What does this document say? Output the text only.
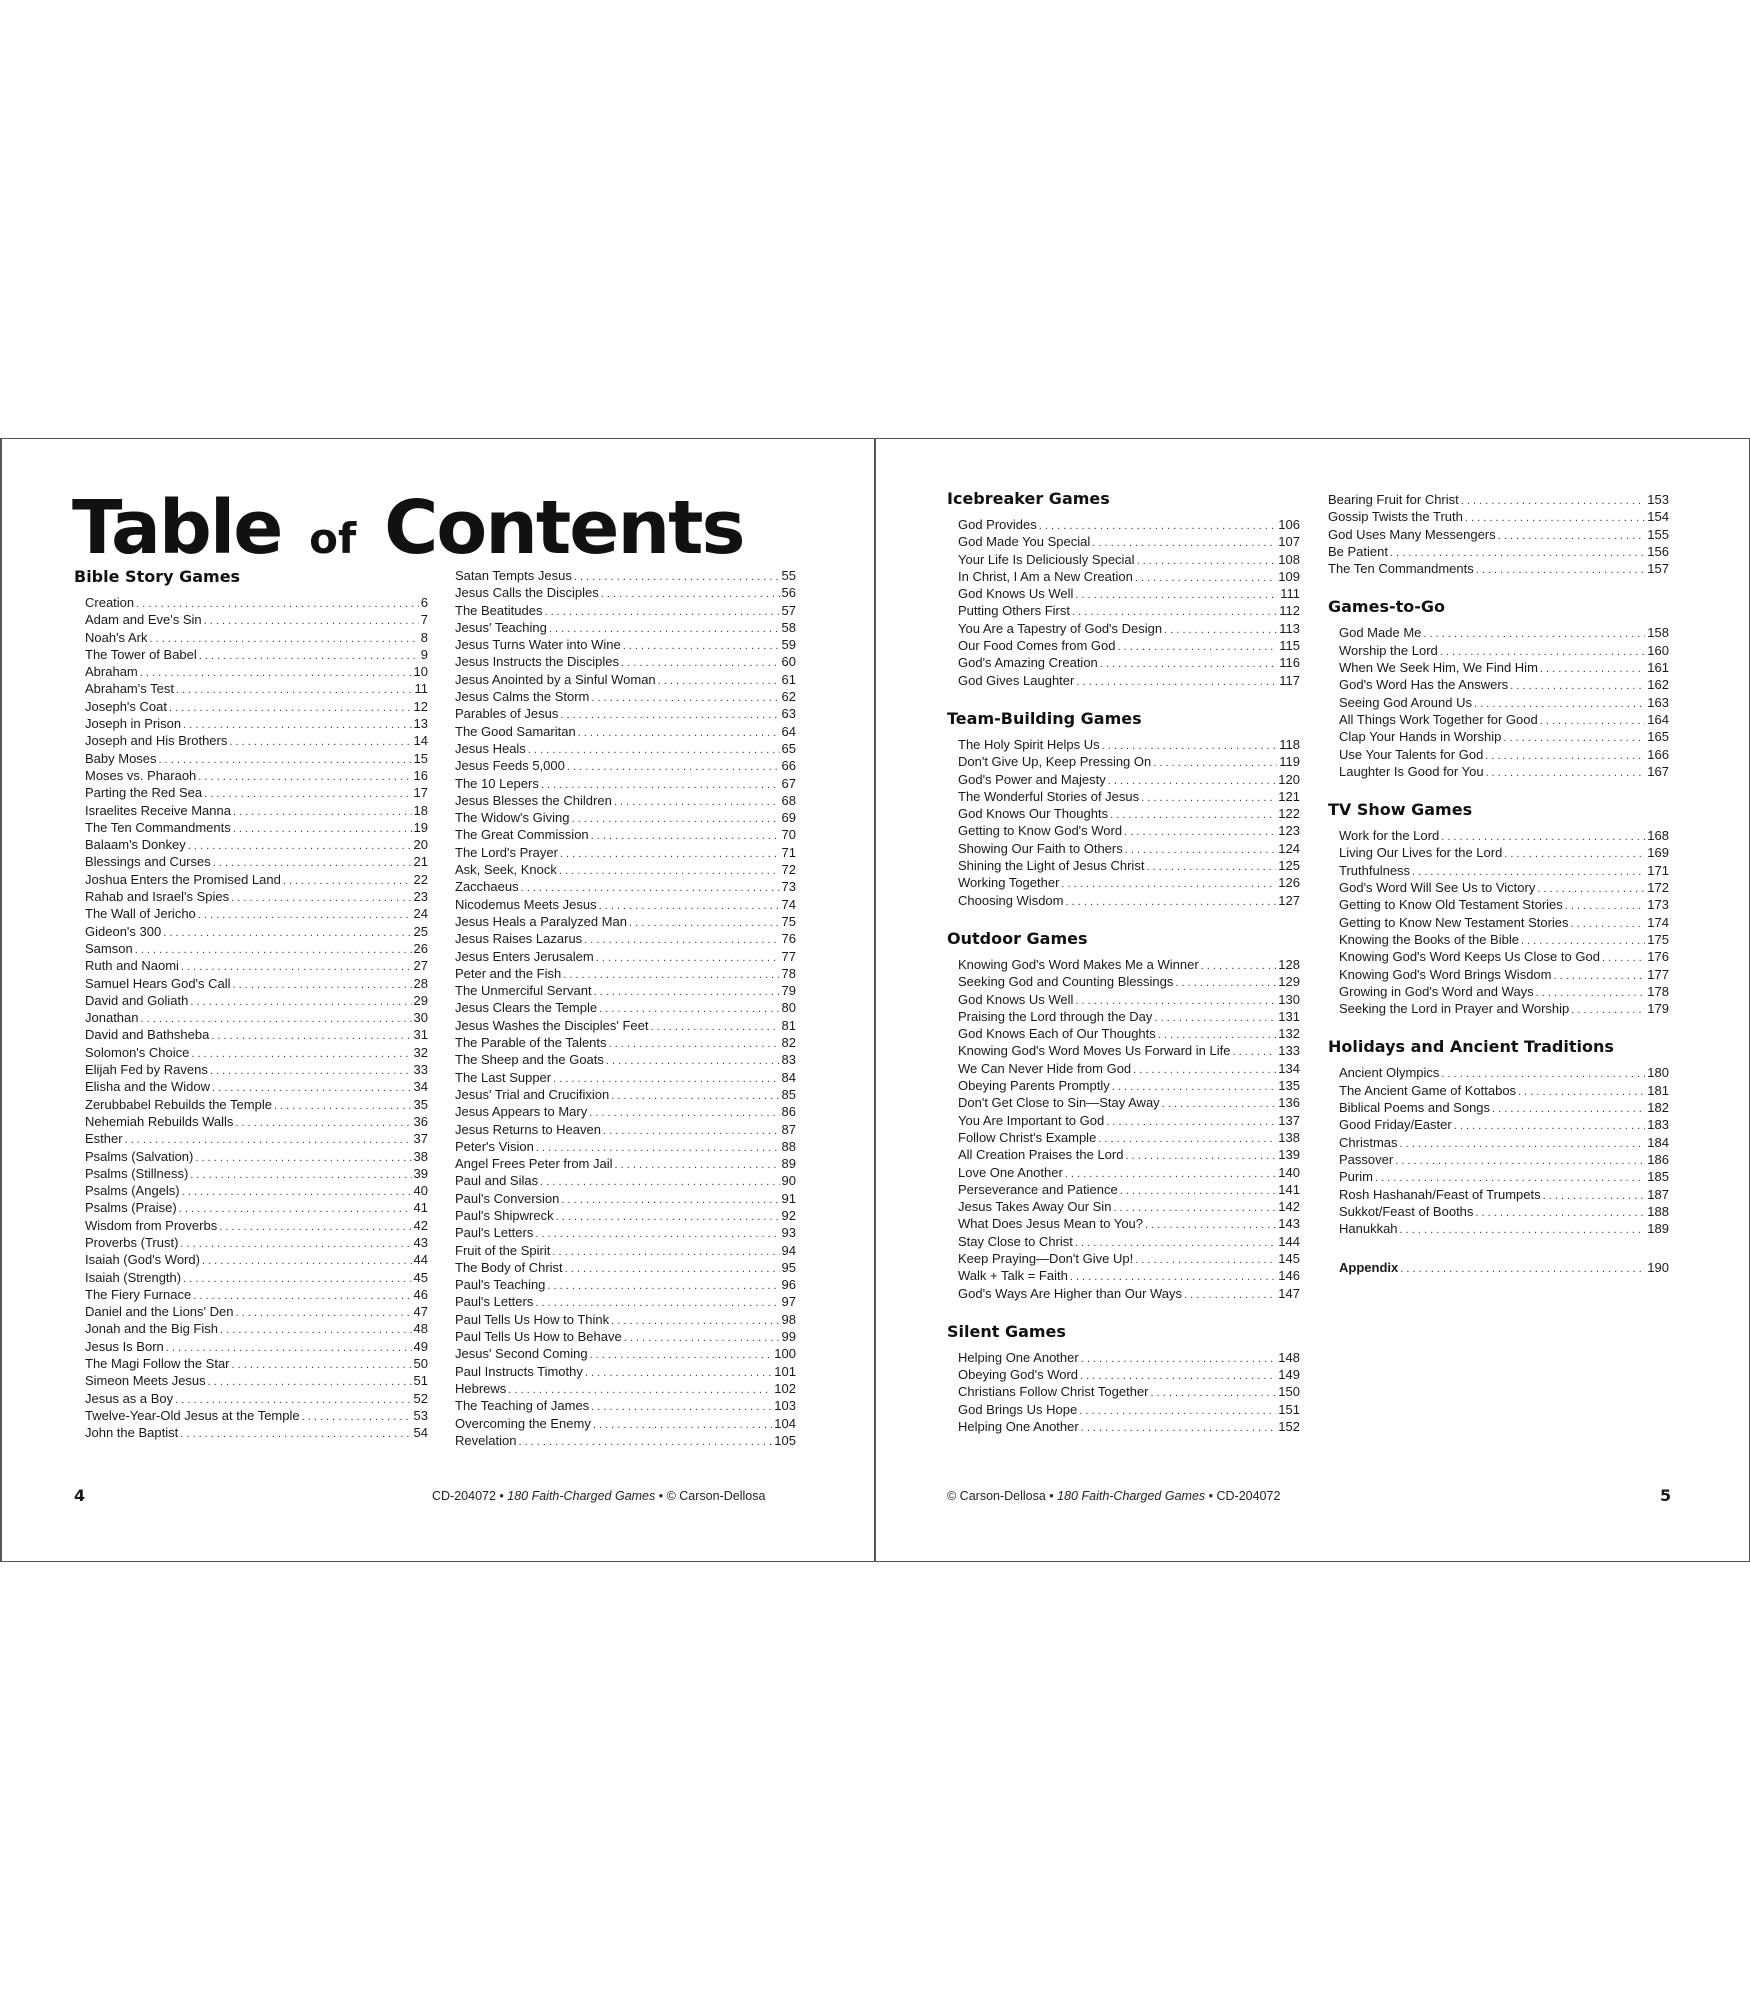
Table of Contents
Bible Story Games
Creation . . .	6
Adam and Eve's Sin . . .	7
Noah's Ark . . .	8
The Tower of Babel . . .	9
Abraham . . .	10
Abraham's Test . . .	11
Joseph's Coat . . .	12
Joseph in Prison . . .	13
Joseph and His Brothers . . .	14
Baby Moses . . .	15
Moses vs. Pharaoh . . .	16
Parting the Red Sea . . .	17
Israelites Receive Manna . . .	18
The Ten Commandments . . .	19
Balaam's Donkey . . .	20
Blessings and Curses . . .	21
Joshua Enters the Promised Land . . .	22
Rahab and Israel's Spies . . .	23
The Wall of Jericho . . .	24
Gideon's 300 . . .	25
Samson . . .	26
Ruth and Naomi . . .	27
Samuel Hears God's Call . . .	28
David and Goliath . . .	29
Jonathan . . .	30
David and Bathsheba . . .	31
Solomon's Choice . . .	32
Elijah Fed by Ravens . . .	33
Elisha and the Widow . . .	34
Zerubbabel Rebuilds the Temple . . .	35
Nehemiah Rebuilds Walls . . .	36
Esther . . .	37
Psalms (Salvation) . . .	38
Psalms (Stillness) . . .	39
Psalms (Angels) . . .	40
Psalms (Praise) . . .	41
Wisdom from Proverbs . . .	42
Proverbs (Trust) . . .	43
Isaiah (God's Word) . . .	44
Isaiah (Strength) . . .	45
The Fiery Furnace . . .	46
Daniel and the Lions' Den . . .	47
Jonah and the Big Fish . . .	48
Jesus Is Born . . .	49
The Magi Follow the Star . . .	50
Simeon Meets Jesus . . .	51
Jesus as a Boy . . .	52
Twelve-Year-Old Jesus at the Temple . . .	53
John the Baptist . . .	54
Satan Tempts Jesus . . .	55
Jesus Calls the Disciples . . .	56
The Beatitudes . . .	57
Jesus' Teaching . . .	58
Jesus Turns Water into Wine . . .	59
Jesus Instructs the Disciples . . .	60
Jesus Anointed by a Sinful Woman . . .	61
Jesus Calms the Storm . . .	62
Parables of Jesus . . .	63
The Good Samaritan . . .	64
Jesus Heals . . .	65
Jesus Feeds 5,000 . . .	66
The 10 Lepers . . .	67
Jesus Blesses the Children . . .	68
The Widow's Giving . . .	69
The Great Commission . . .	70
The Lord's Prayer . . .	71
Ask, Seek, Knock . . .	72
Zacchaeus . . .	73
Nicodemus Meets Jesus . . .	74
Jesus Heals a Paralyzed Man . . .	75
Jesus Raises Lazarus . . .	76
Jesus Enters Jerusalem . . .	77
Peter and the Fish . . .	78
The Unmerciful Servant . . .	79
Jesus Clears the Temple . . .	80
Jesus Washes the Disciples' Feet . . .	81
The Parable of the Talents . . .	82
The Sheep and the Goats . . .	83
The Last Supper . . .	84
Jesus' Trial and Crucifixion . . .	85
Jesus Appears to Mary . . .	86
Jesus Returns to Heaven . . .	87
Peter's Vision . . .	88
Angel Frees Peter from Jail . . .	89
Paul and Silas . . .	90
Paul's Conversion . . .	91
Paul's Shipwreck . . .	92
Paul's Letters . . .	93
Fruit of the Spirit . . .	94
The Body of Christ . . .	95
Paul's Teaching . . .	96
Paul's Letters . . .	97
Paul Tells Us How to Think . . .	98
Paul Tells Us How to Behave . . .	99
Jesus' Second Coming . . .	100
Paul Instructs Timothy . . .	101
Hebrews . . .	102
The Teaching of James . . .	103
Overcoming the Enemy . . .	104
Revelation . . .	105
Icebreaker Games
God Provides . . .	106
God Made You Special . . .	107
Your Life Is Deliciously Special . . .	108
In Christ, I Am a New Creation . . .	109
God Knows Us Well . . .	111
Putting Others First . . .	112
You Are a Tapestry of God's Design . . .	113
Our Food Comes from God . . .	115
God's Amazing Creation . . .	116
God Gives Laughter . . .	117
Team-Building Games
The Holy Spirit Helps Us . . .	118
Don't Give Up, Keep Pressing On . . .	119
God's Power and Majesty . . .	120
The Wonderful Stories of Jesus . . .	121
God Knows Our Thoughts . . .	122
Getting to Know God's Word . . .	123
Showing Our Faith to Others . . .	124
Shining the Light of Jesus Christ . . .	125
Working Together . . .	126
Choosing Wisdom . . .	127
Outdoor Games
Knowing God's Word Makes Me a Winner . . .	128
Seeking God and Counting Blessings . . .	129
God Knows Us Well . . .	130
Praising the Lord through the Day . . .	131
God Knows Each of Our Thoughts . . .	132
Knowing God's Word Moves Us Forward in Life . . .	133
We Can Never Hide from God . . .	134
Obeying Parents Promptly . . .	135
Don't Get Close to Sin—Stay Away . . .	136
You Are Important to God . . .	137
Follow Christ's Example . . .	138
All Creation Praises the Lord . . .	139
Love One Another . . .	140
Perseverance and Patience . . .	141
Jesus Takes Away Our Sin . . .	142
What Does Jesus Mean to You? . . .	143
Stay Close to Christ . . .	144
Keep Praying—Don't Give Up! . . .	145
Walk + Talk = Faith . . .	146
God's Ways Are Higher than Our Ways . . .	147
Silent Games
Helping One Another . . .	148
Obeying God's Word . . .	149
Christians Follow Christ Together . . .	150
God Brings Us Hope . . .	151
Helping One Another . . .	152
Bearing Fruit for Christ . . .	153
Gossip Twists the Truth . . .	154
God Uses Many Messengers . . .	155
Be Patient . . .	156
The Ten Commandments . . .	157
Games-to-Go
God Made Me . . .	158
Worship the Lord . . .	160
When We Seek Him, We Find Him . . .	161
God's Word Has the Answers . . .	162
Seeing God Around Us . . .	163
All Things Work Together for Good . . .	164
Clap Your Hands in Worship . . .	165
Use Your Talents for God . . .	166
Laughter Is Good for You . . .	167
TV Show Games
Work for the Lord . . .	168
Living Our Lives for the Lord . . .	169
Truthfulness . . .	171
God's Word Will See Us to Victory . . .	172
Getting to Know Old Testament Stories . . .	173
Getting to Know New Testament Stories . . .	174
Knowing the Books of the Bible . . .	175
Knowing God's Word Keeps Us Close to God . . .	176
Knowing God's Word Brings Wisdom . . .	177
Growing in God's Word and Ways . . .	178
Seeking the Lord in Prayer and Worship . . .	179
Holidays and Ancient Traditions
Ancient Olympics . . .	180
The Ancient Game of Kottabos . . .	181
Biblical Poems and Songs . . .	182
Good Friday/Easter . . .	183
Christmas . . .	184
Passover . . .	186
Purim . . .	185
Rosh Hashanah/Feast of Trumpets . . .	187
Sukkot/Feast of Booths . . .	188
Hanukkah . . .	189
Appendix . . .	190
4	CD-204072 • 180 Faith-Charged Games • © Carson-Dellosa	© Carson-Dellosa • 180 Faith-Charged Games • CD-204072	5
